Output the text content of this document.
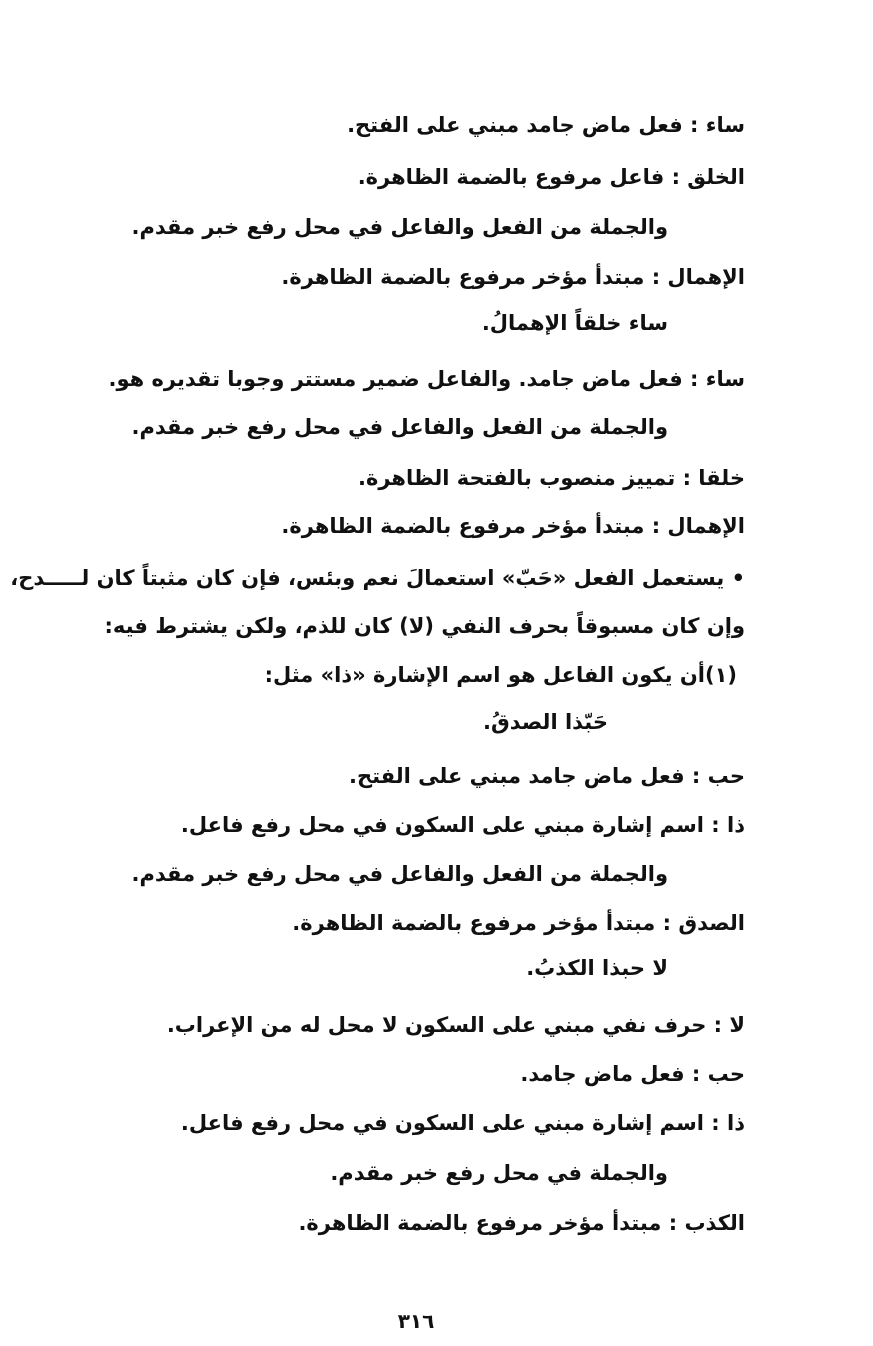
ساء : فعل ماض جامد مبني على الفتح.
الخلق : فاعل مرفوع بالضمة الظاهرة.
والجملة من الفعل والفاعل في محل رفع خبر مقدم.
الإهمال : مبتدأ مؤخر مرفوع بالضمة الظاهرة.
ساء خلقاً الإهمالُ.
ساء : فعل ماض جامد. والفاعل ضمير مستتر وجوبا تقديره هو.
والجملة من الفعل والفاعل في محل رفع خبر مقدم.
خلقا : تمييز منصوب بالفتحة الظاهرة.
الإهمال : مبتدأ مؤخر مرفوع بالضمة الظاهرة.
• يستعمل الفعل «حَبّ» استعمالَ نعم وبئس، فإن كان مثبتاً كان لـــــدح،
وإن كان مسبوقاً بحرف النفي (لا) كان للذم، ولكن يشترط فيه:
(١)أن يكون الفاعل هو اسم الإشارة «ذا» مثل:
حَبّذا الصدقُ.
حب : فعل ماض جامد مبني على الفتح.
ذا : اسم إشارة مبني على السكون في محل رفع فاعل.
والجملة من الفعل والفاعل في محل رفع خبر مقدم.
الصدق : مبتدأ مؤخر مرفوع بالضمة الظاهرة.
لا حبذا الكذبُ.
لا : حرف نفي مبني على السكون لا محل له من الإعراب.
حب : فعل ماض جامد.
ذا : اسم إشارة مبني على السكون في محل رفع فاعل.
والجملة في محل رفع خبر مقدم.
الكذب : مبتدأ مؤخر مرفوع بالضمة الظاهرة.
٣١٦
